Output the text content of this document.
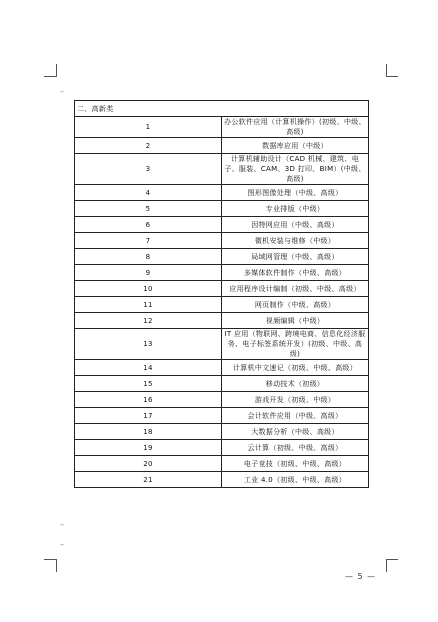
.,
.,
.,
二、高新类	
1	办公软件应用（计算机操作）(初级、中级、高级)
2	数据库应用（中级）
3	计算机辅助设计（CAD 机械、建筑、电子、服装、CAM、3D 打印、BIM）(中级、高级)
4	图形图像处理（中级、高级）
5	专业排版（中级）
6	因特网应用（中级、高级）
7	微机安装与维修（中级）
8	局域网管理（中级、高级）
9	多媒体软件制作（中级、高级）
10	应用程序设计编制（初级、中级、高级）
11	网页制作（中级、高级）
12	视频编辑（中级）
13	IT 应用（物联网、跨境电商、信息化经济服务、电子标签系统开发）(初级、中级、高级)
14	计算机中文速记（初级、中级、高级）
15	移动技术（初级）
16	游戏开发（初级、中级）
17	会计软件应用（中级、高级）
18	大数据分析（中级、高级）
19	云计算（初级、中级、高级）
20	电子竞技（初级、中级、高级）
21	工业 4.0（初级、中级、高级）
— 5 —
